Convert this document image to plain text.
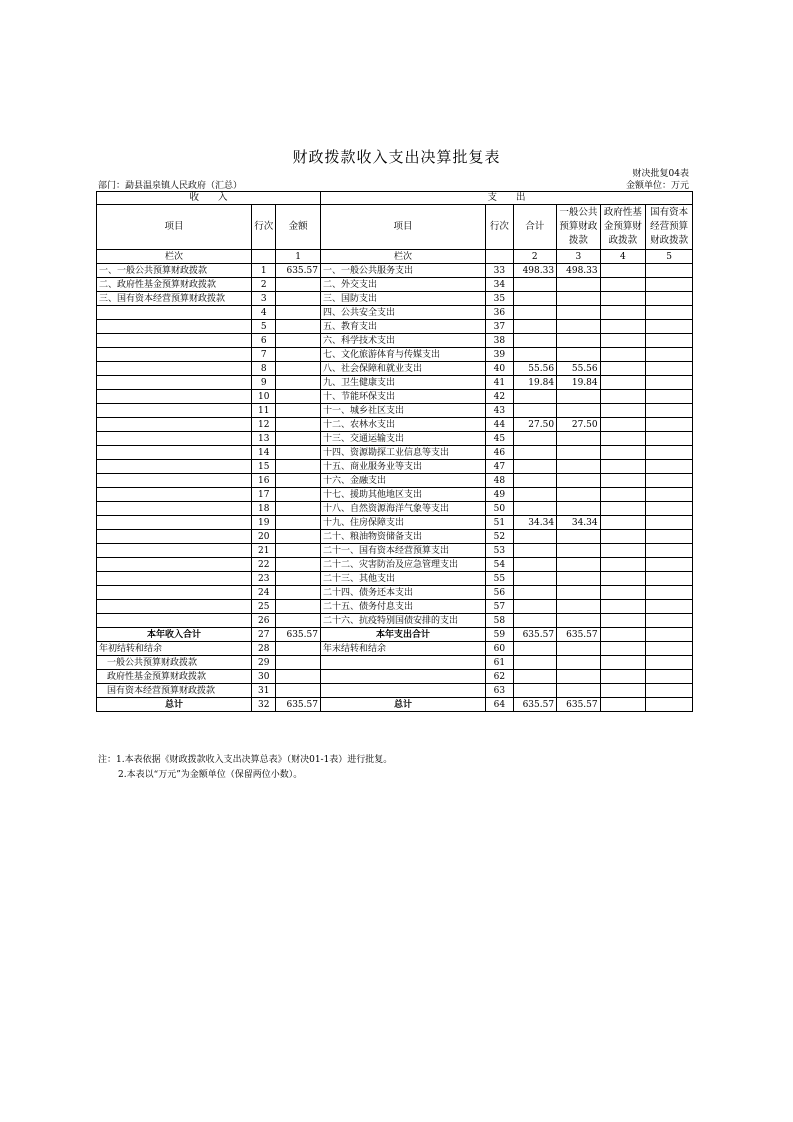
财政拨款收入支出决算批复表
财决批复04表
部门：勐县温泉镇人民政府（汇总）	金额单位：万元
收　　入			支　　出					
项目	行次	金额	项目	行次	合计	一般公共预算财政拨款	政府性基金预算财政拨款	国有资本经营预算财政拨款
栏次		1	栏次		2	3	4	5
一、一般公共预算财政拨款	1	635.57	一、一般公共服务支出	33	498.33	498.33		
二、政府性基金预算财政拨款	2		二、外交支出	34				
三、国有资本经营预算财政拨款	3		三、国防支出	35				
	4		四、公共安全支出	36				
	5		五、教育支出	37				
	6		六、科学技术支出	38				
	7		七、文化旅游体育与传媒支出	39				
	8		八、社会保障和就业支出	40	55.56	55.56		
	9		九、卫生健康支出	41	19.84	19.84		
	10		十、节能环保支出	42				
	11		十一、城乡社区支出	43				
	12		十二、农林水支出	44	27.50	27.50		
	13		十三、交通运输支出	45				
	14		十四、资源勘探工业信息等支出	46				
	15		十五、商业服务业等支出	47				
	16		十六、金融支出	48				
	17		十七、援助其他地区支出	49				
	18		十八、自然资源海洋气象等支出	50				
	19		十九、住房保障支出	51	34.34	34.34		
	20		二十、粮油物资储备支出	52				
	21		二十一、国有资本经营预算支出	53				
	22		二十二、灾害防治及应急管理支出	54				
	23		二十三、其他支出	55				
	24		二十四、债务还本支出	56				
	25		二十五、债务付息支出	57				
	26		二十六、抗疫特别国债安排的支出	58				
本年收入合计	27	635.57	本年支出合计	59	635.57	635.57		
年初结转和结余	28		年末结转和结余	60				
一般公共预算财政拨款	29			61				
政府性基金预算财政拨款	30			62				
国有资本经营预算财政拨款	31			63				
总计	32	635.57	总计	64	635.57	635.57		
注：1.本表依据《财政拨款收入支出决算总表》（财决01-1表）进行批复。
2.本表以“万元”为金额单位（保留两位小数）。
